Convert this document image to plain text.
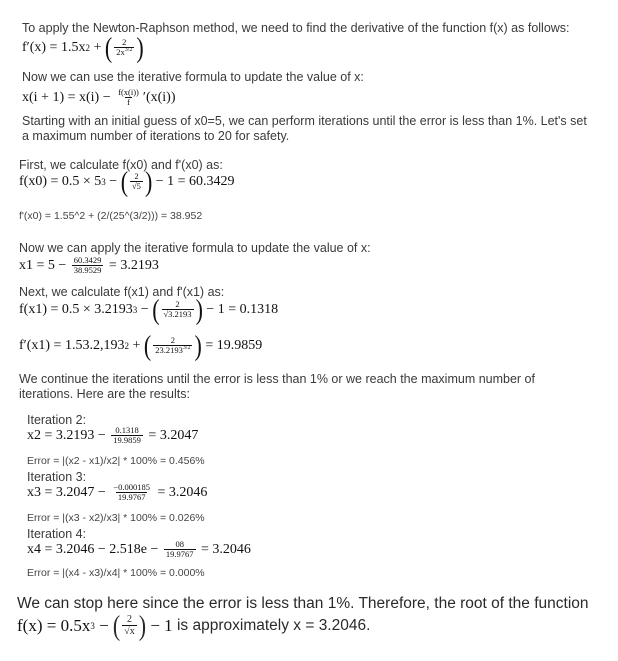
To apply the Newton-Raphson method, we need to find the derivative of the function f(x) as follows:
f′(x) = 1.5x 2 + ( $\frac{2}{2x^{3/2}}$ )
Now we can use the iterative formula to update the value of x:
$x(i + 1) = x(i) - \frac{f(x(i))}{f} '(x(i))$
Starting with an initial guess of x0=5, we can perform iterations until the error is less than 1%. Let's set
a maximum number of iterations to 20 for safety.
First, we calculate f(x0) and f'(x0) as:
f(x0) = 0.5 × 5 3 − ( $\frac{2}{√5}$ ) − 1 = 60.3429
f'(x0) = 1.55^2 + (2/(25^(3/2))) = 38.952
Now we can apply the iterative formula to update the value of x:
$x1 = 5 - \frac{60.3429}{38.9529} = 3.2193$
Next, we calculate f(x1) and f'(x1) as:
f(x1) = 0.5 × 3.2193 3 − ( $\frac{2}{√3.2193}$ ) − 1 = 0.1318
f′(x1) = 1.53.2,193 2 + ( $\frac{2}{23.2193^{3/2}}$ ) = 19.9859
We continue the iterations until the error is less than 1% or we reach the maximum number of
iterations. Here are the results:
Iteration 2:
$x2 = 3.2193 - \frac{0.1318}{19.9859} = 3.2047$
Error = |(x2 - x1)/x2| * 100% = 0.456%
Iteration 3:
$x3 = 3.2047 - \frac{-0.000185}{19.9767} = 3.2046$
Error = |(x3 - x2)/x3| * 100% = 0.026%
Iteration 4:
$x4 = 3.2046 - 2.518e - \frac{08}{19.9767} = 3.2046$
Error = |(x4 - x3)/x4| * 100% = 0.000%
We can stop here since the error is less than 1%. Therefore, the root of the function
f(x) = 0.5x 3 − ( $\frac{2}{√x}$ ) − 1 is approximately x = 3.2046.
